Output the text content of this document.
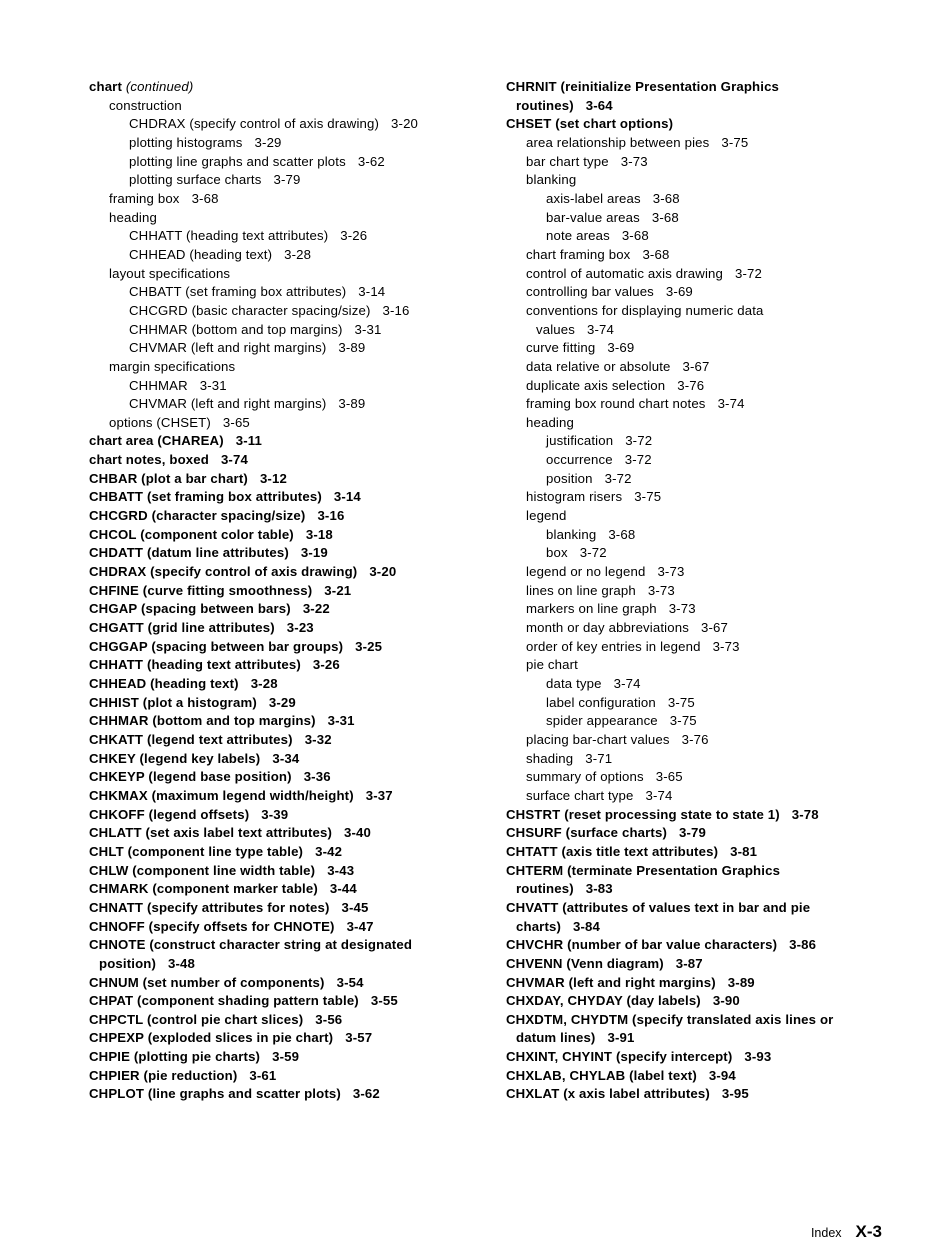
chart (continued)
construction
CHDRAX (specify control of axis drawing) 3-20
plotting histograms 3-29
plotting line graphs and scatter plots 3-62
plotting surface charts 3-79
framing box 3-68
heading
CHHATT (heading text attributes) 3-26
CHHEAD (heading text) 3-28
layout specifications
CHBATT (set framing box attributes) 3-14
CHCGRD (basic character spacing/size) 3-16
CHHMAR (bottom and top margins) 3-31
CHVMAR (left and right margins) 3-89
margin specifications
CHHMAR 3-31
CHVMAR (left and right margins) 3-89
options (CHSET) 3-65
chart area (CHAREA) 3-11
chart notes, boxed 3-74
CHBAR (plot a bar chart) 3-12
CHBATT (set framing box attributes) 3-14
CHCGRD (character spacing/size) 3-16
CHCOL (component color table) 3-18
CHDATT (datum line attributes) 3-19
CHDRAX (specify control of axis drawing) 3-20
CHFINE (curve fitting smoothness) 3-21
CHGAP (spacing between bars) 3-22
CHGATT (grid line attributes) 3-23
CHGGAP (spacing between bar groups) 3-25
CHHATT (heading text attributes) 3-26
CHHEAD (heading text) 3-28
CHHIST (plot a histogram) 3-29
CHHMAR (bottom and top margins) 3-31
CHKATT (legend text attributes) 3-32
CHKEY (legend key labels) 3-34
CHKEYP (legend base position) 3-36
CHKMAX (maximum legend width/height) 3-37
CHKOFF (legend offsets) 3-39
CHLATT (set axis label text attributes) 3-40
CHLT (component line type table) 3-42
CHLW (component line width table) 3-43
CHMARK (component marker table) 3-44
CHNATT (specify attributes for notes) 3-45
CHNOFF (specify offsets for CHNOTE) 3-47
CHNOTE (construct character string at designated
position) 3-48
CHNUM (set number of components) 3-54
CHPAT (component shading pattern table) 3-55
CHPCTL (control pie chart slices) 3-56
CHPEXP (exploded slices in pie chart) 3-57
CHPIE (plotting pie charts) 3-59
CHPIER (pie reduction) 3-61
CHPLOT (line graphs and scatter plots) 3-62
CHRNIT (reinitialize Presentation Graphics
routines) 3-64
CHSET (set chart options)
area relationship between pies 3-75
bar chart type 3-73
blanking
axis-label areas 3-68
bar-value areas 3-68
note areas 3-68
chart framing box 3-68
control of automatic axis drawing 3-72
controlling bar values 3-69
conventions for displaying numeric data
values 3-74
curve fitting 3-69
data relative or absolute 3-67
duplicate axis selection 3-76
framing box round chart notes 3-74
heading
justification 3-72
occurrence 3-72
position 3-72
histogram risers 3-75
legend
blanking 3-68
box 3-72
legend or no legend 3-73
lines on line graph 3-73
markers on line graph 3-73
month or day abbreviations 3-67
order of key entries in legend 3-73
pie chart
data type 3-74
label configuration 3-75
spider appearance 3-75
placing bar-chart values 3-76
shading 3-71
summary of options 3-65
surface chart type 3-74
CHSTRT (reset processing state to state 1) 3-78
CHSURF (surface charts) 3-79
CHTATT (axis title text attributes) 3-81
CHTERM (terminate Presentation Graphics
routines) 3-83
CHVATT (attributes of values text in bar and pie
charts) 3-84
CHVCHR (number of bar value characters) 3-86
CHVENN (Venn diagram) 3-87
CHVMAR (left and right margins) 3-89
CHXDAY, CHYDAY (day labels) 3-90
CHXDTM, CHYDTM (specify translated axis lines or
datum lines) 3-91
CHXINT, CHYINT (specify intercept) 3-93
CHXLAB, CHYLAB (label text) 3-94
CHXLAT (x axis label attributes) 3-95
Index X-3
